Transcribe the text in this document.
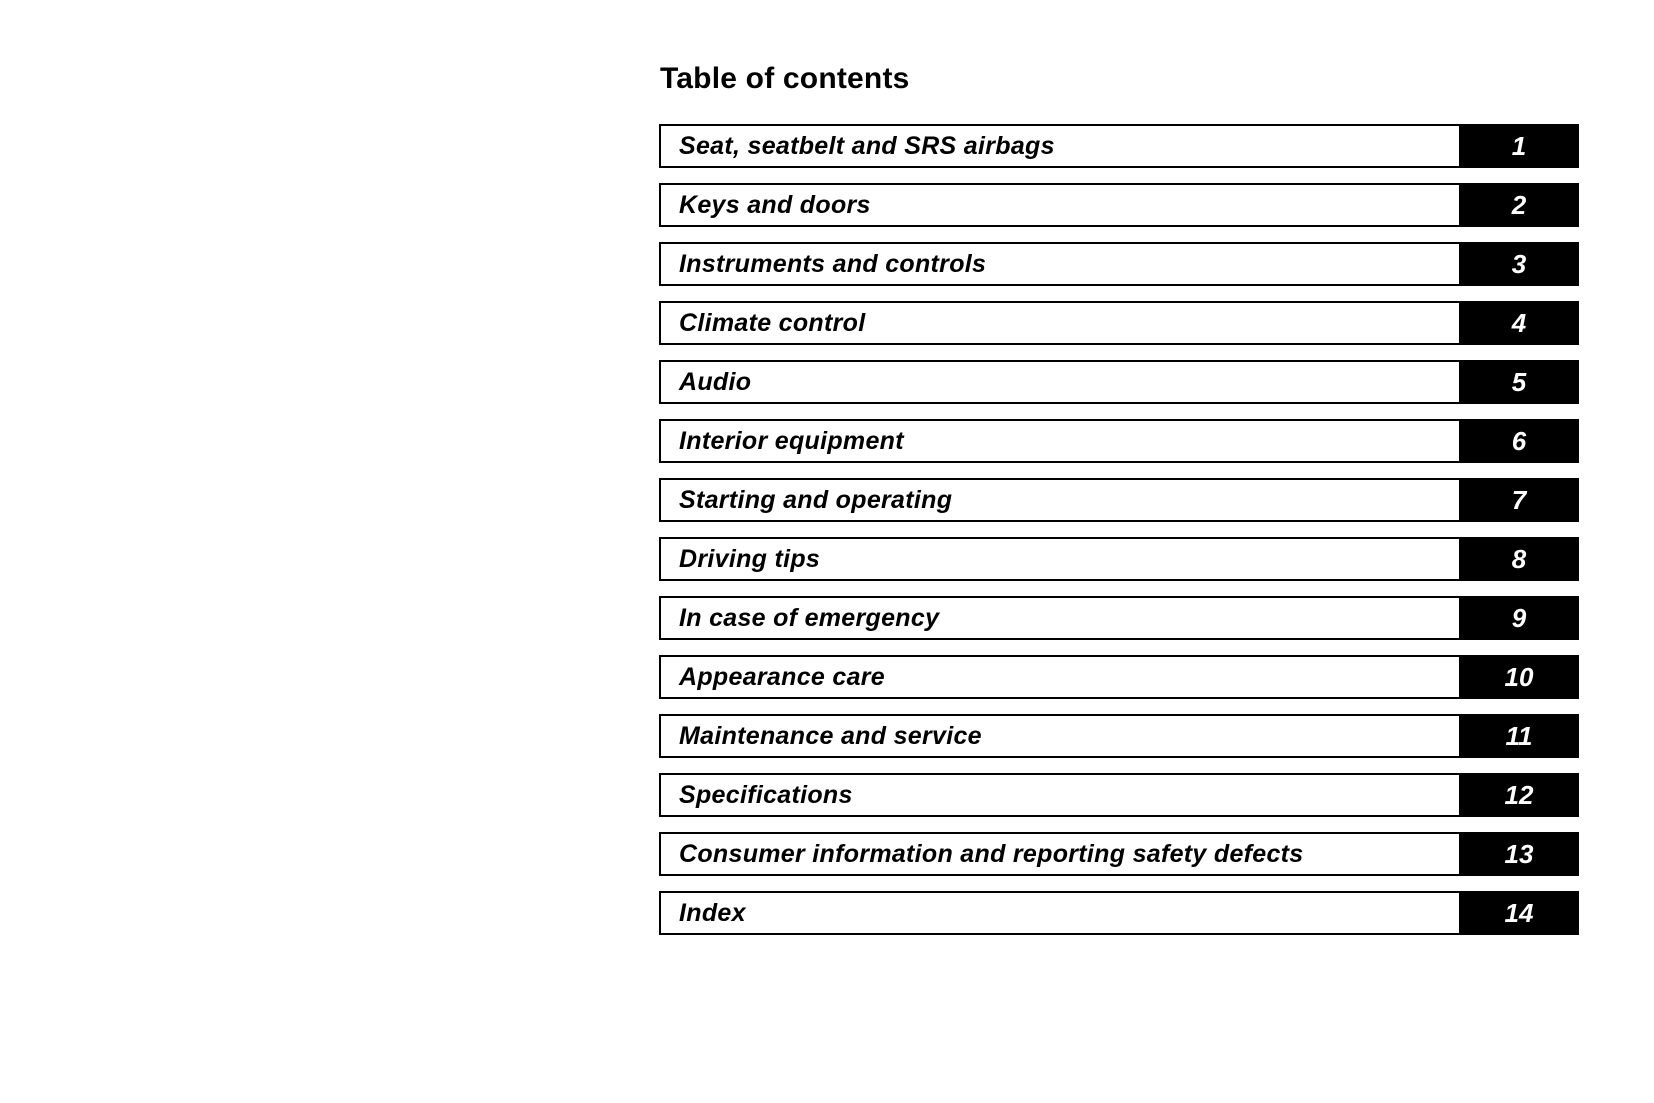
Table of contents
Seat, seatbelt and SRS airbags	1
Keys and doors	2
Instruments and controls	3
Climate control	4
Audio	5
Interior equipment	6
Starting and operating	7
Driving tips	8
In case of emergency	9
Appearance care	10
Maintenance and service	11
Specifications	12
Consumer information and reporting safety defects	13
Index	14
